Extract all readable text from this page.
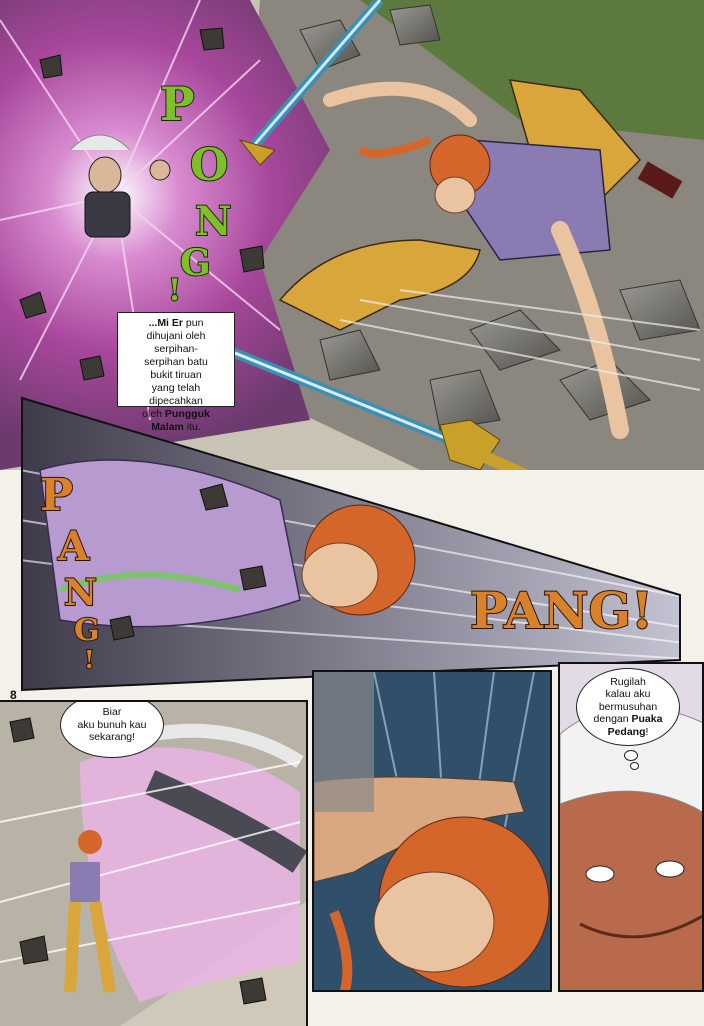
P
O
N
G
!
...Mi Er pun
dihujani oleh
serpihan-
serpihan batu
bukit tiruan
yang telah
dipecahkan
oleh Pungguk
Malam itu.
P
A
N
G
!
PANG!
8
Biar
aku bunuh kau
sekarang!
Rugilah
kalau aku
bermusuhan
dengan Puaka
Pedang!
